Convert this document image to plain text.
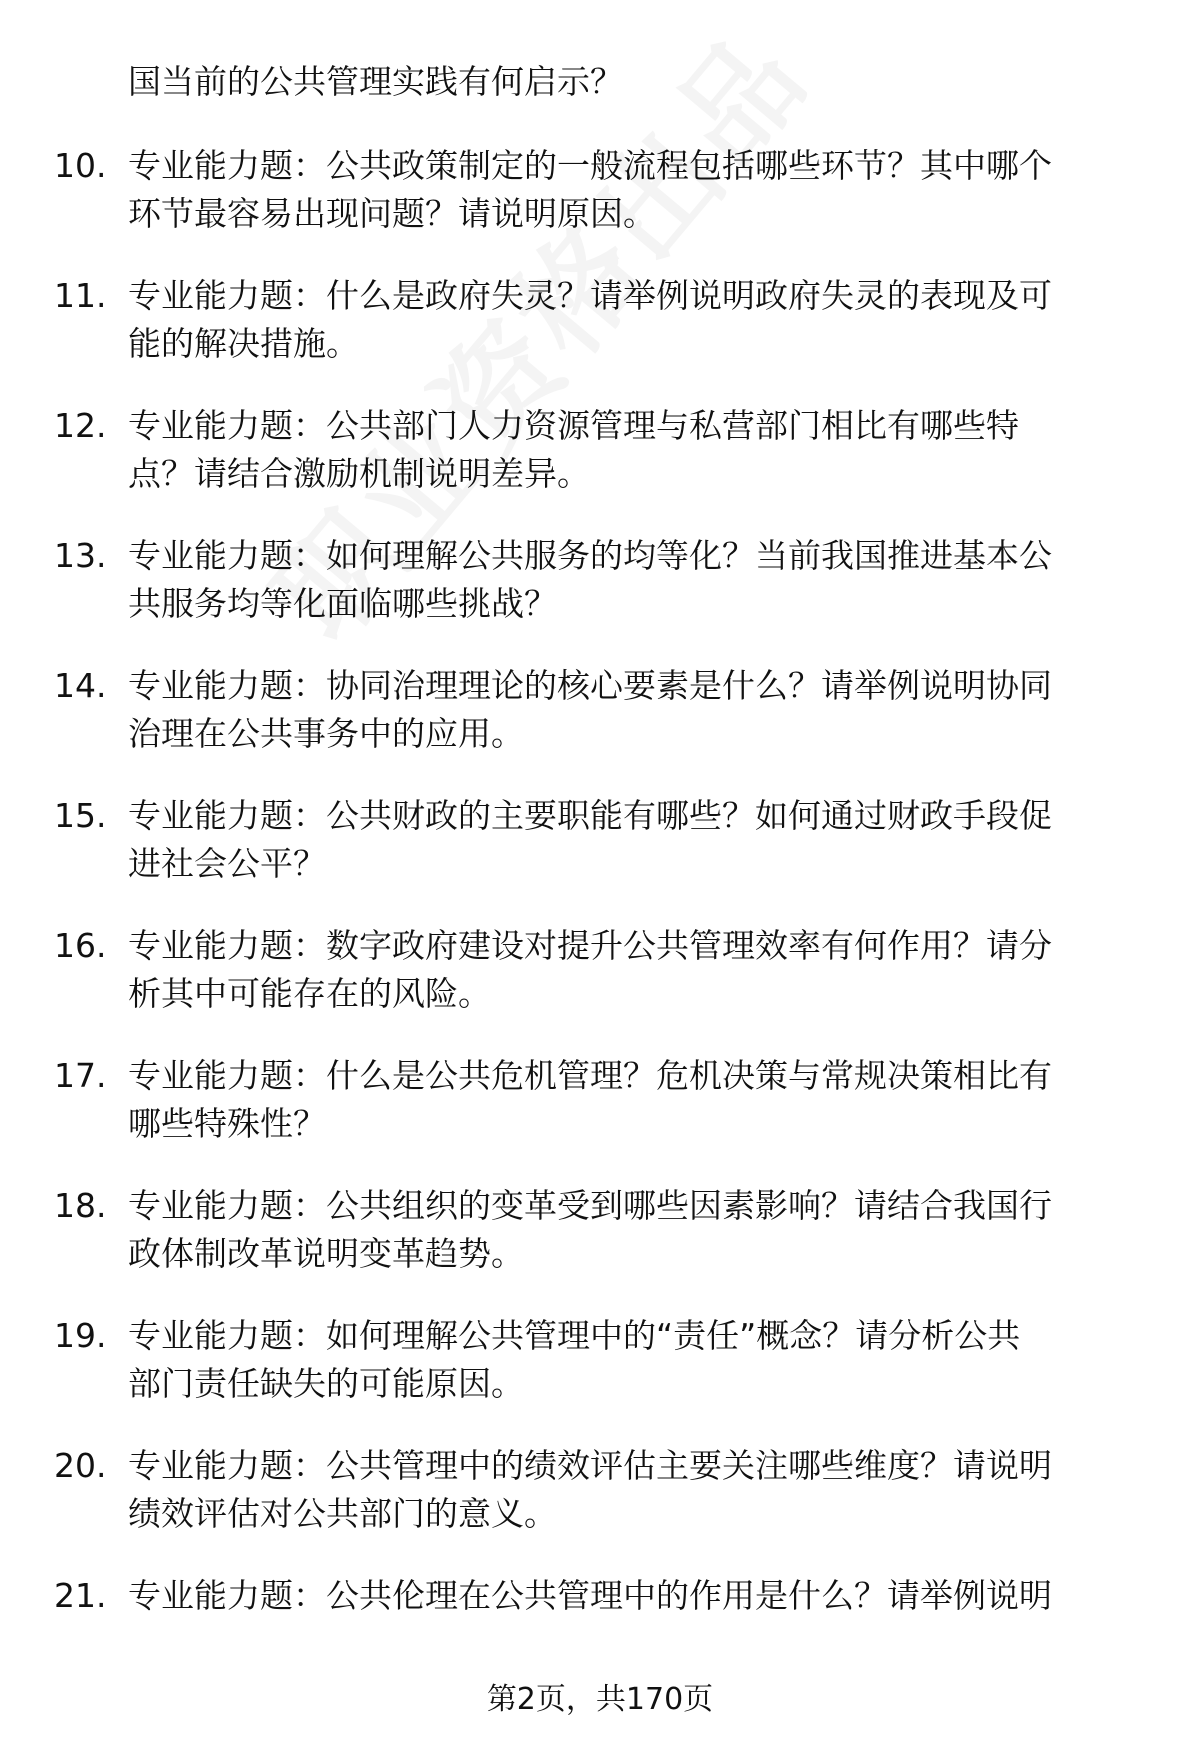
国当前的公共管理实践有何启示？
10. 专业能力题：公共政策制定的一般流程包括哪些环节？其中哪个
环节最容易出现问题？请说明原因。
11. 专业能力题：什么是政府失灵？请举例说明政府失灵的表现及可
能的解决措施。
12. 专业能力题：公共部门人力资源管理与私营部门相比有哪些特
点？请结合激励机制说明差异。
13. 专业能力题：如何理解公共服务的均等化？当前我国推进基本公
共服务均等化面临哪些挑战？
14. 专业能力题：协同治理理论的核心要素是什么？请举例说明协同
治理在公共事务中的应用。
15. 专业能力题：公共财政的主要职能有哪些？如何通过财政手段促
进社会公平？
16. 专业能力题：数字政府建设对提升公共管理效率有何作用？请分
析其中可能存在的风险。
17. 专业能力题：什么是公共危机管理？危机决策与常规决策相比有
哪些特殊性？
18. 专业能力题：公共组织的变革受到哪些因素影响？请结合我国行
政体制改革说明变革趋势。
19. 专业能力题：如何理解公共管理中的“责任”概念？请分析公共
部门责任缺失的可能原因。
20. 专业能力题：公共管理中的绩效评估主要关注哪些维度？请说明
绩效评估对公共部门的意义。
21. 专业能力题：公共伦理在公共管理中的作用是什么？请举例说明
第2页，共170页
